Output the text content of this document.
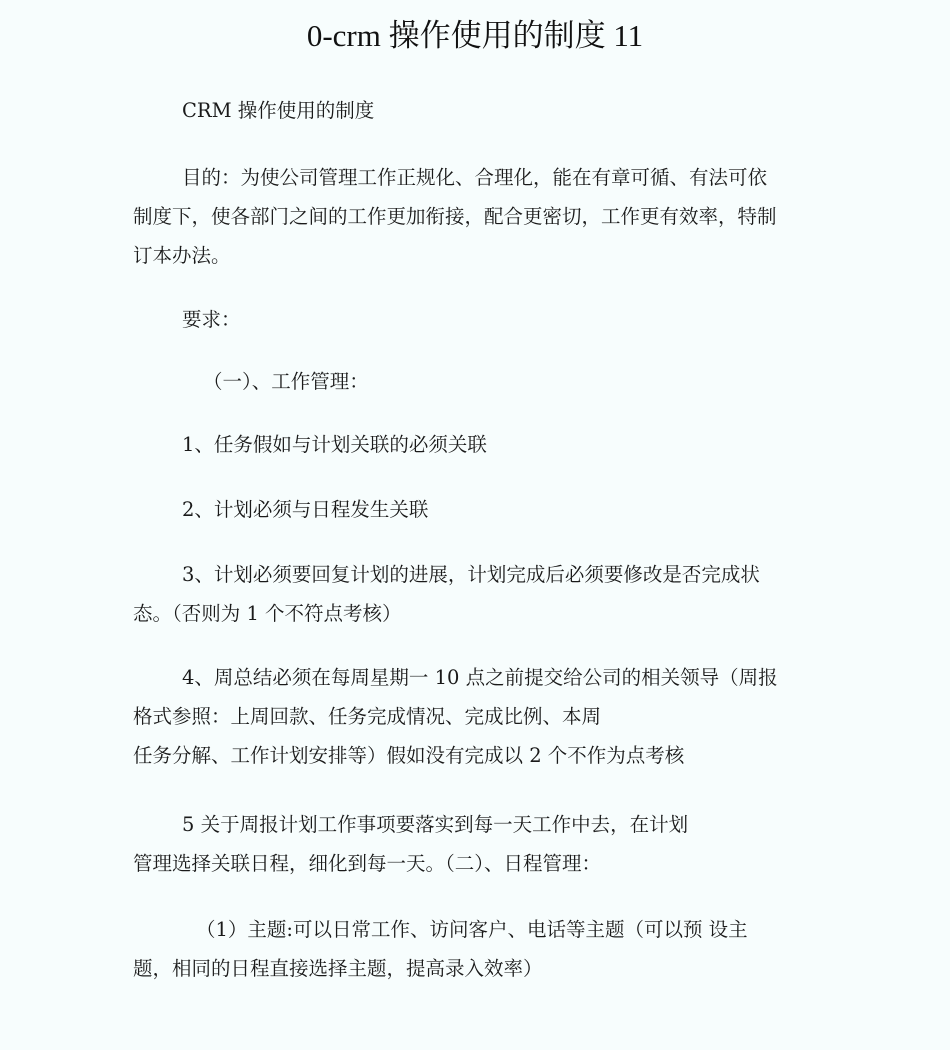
0-crm 操作使用的制度 11

CRM 操作使用的制度

目的：为使公司管理工作正规化、合理化，能在有章可循、有法可依
制度下，使各部门之间的工作更加衔接，配合更密切，工作更有效率，特制
订本办法。

要求：

（一）、工作管理：

1、任务假如与计划关联的必须关联

2、计划必须与日程发生关联

3、计划必须要回复计划的进展，计划完成后必须要修改是否完成状
态。（否则为 1 个不符点考核）

4、周总结必须在每周星期一 10 点之前提交给公司的相关领导（周报
格式参照：上周回款、任务完成情况、完成比例、本周
任务分解、工作计划安排等）假如没有完成以 2 个不作为点考核

5 关于周报计划工作事项要落实到每一天工作中去，在计划
管理选择关联日程，细化到每一天。（二）、日程管理：

（1）主题:可以日常工作、访问客户、电话等主题（可以预 设主
题，相同的日程直接选择主题，提高录入效率）
